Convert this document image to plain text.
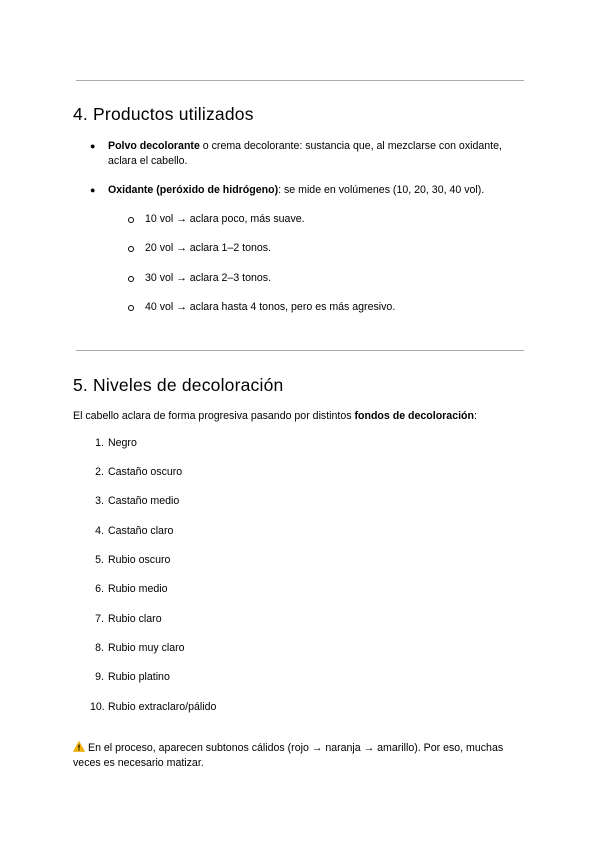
4. Productos utilizados
● Polvo decolorante o crema decolorante: sustancia que, al mezclarse con oxidante,

aclara el cabello.

● Oxidante (peróxido de hidrógeno): se mide en volúmenes (10, 20, 30, 40 vol).

10 vol → aclara poco, más suave.

20 vol → aclara 1–2 tonos.

30 vol → aclara 2–3 tonos.

40 vol → aclara hasta 4 tonos, pero es más agresivo.

5. Niveles de decoloración

El cabello aclara de forma progresiva pasando por distintos fondos de decoloración:

1. Negro

2. Castaño oscuro

3. Castaño medio

4. Castaño claro

5. Rubio oscuro

6. Rubio medio

7. Rubio claro

8. Rubio muy claro

9. Rubio platino

10. Rubio extraclaro/pálido

En el proceso, aparecen subtonos cálidos (rojo → naranja → amarillo). Por eso, muchas

veces es necesario matizar.
